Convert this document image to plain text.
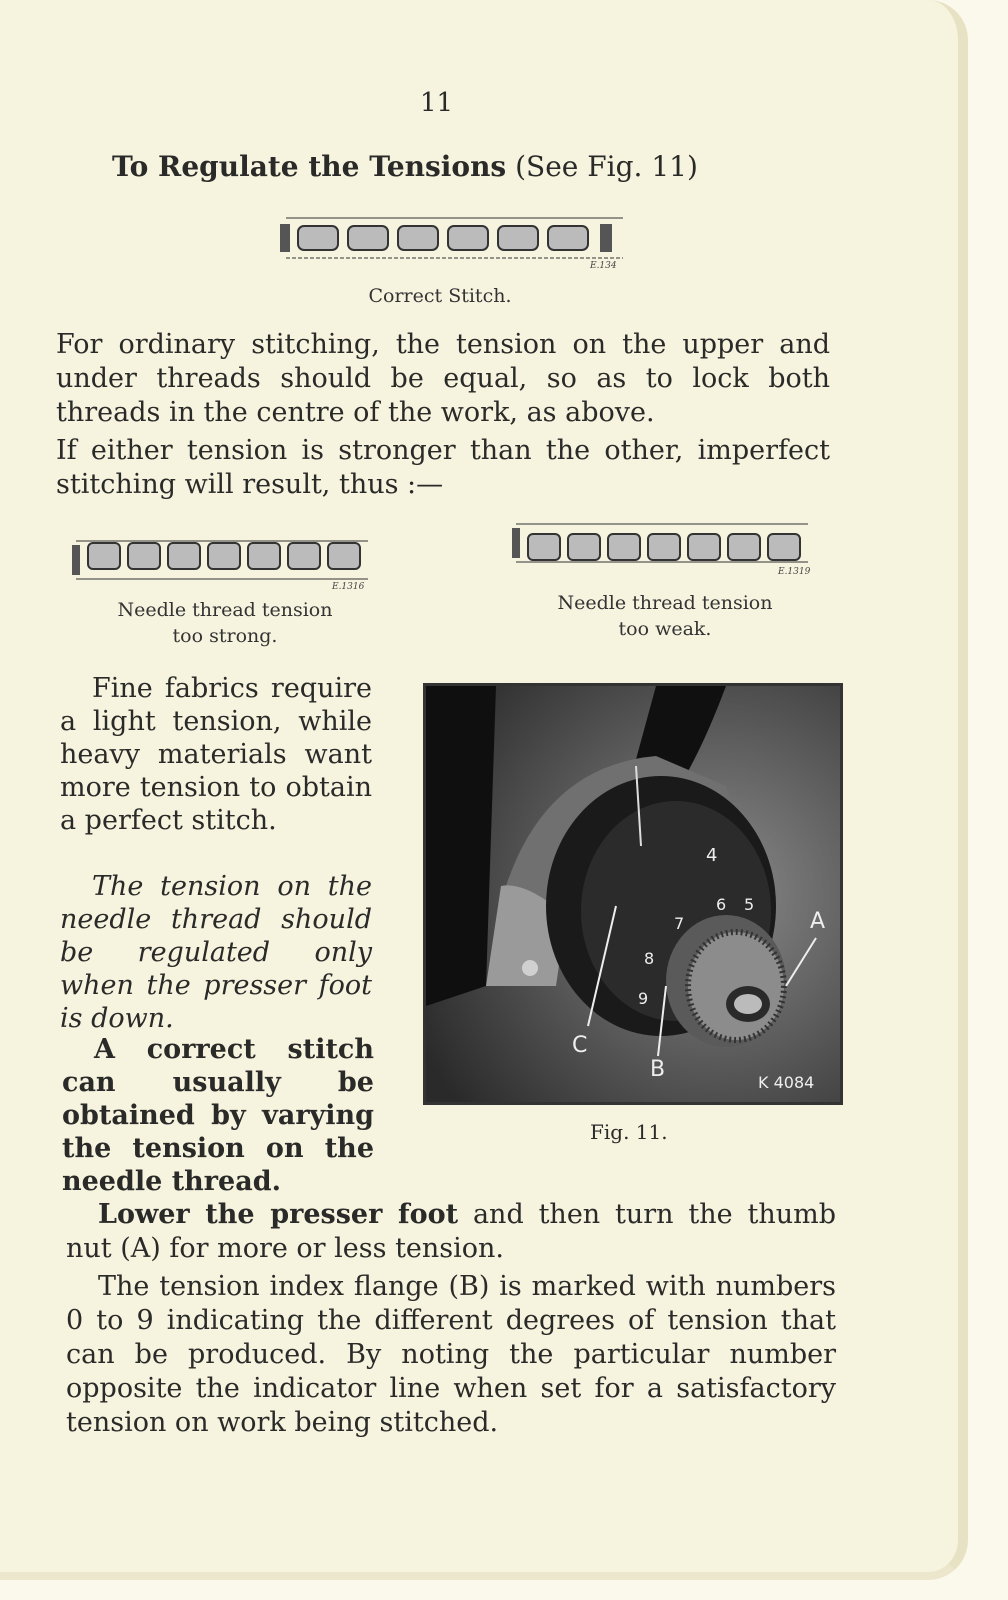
11
To Regulate the Tensions (See Fig. 11)
E.134
Correct Stitch.
For ordinary stitching, the tension on the upper and under threads should be equal, so as to lock both threads in the centre of the work, as above.
If either tension is stronger than the other, imperfect stitching will result, thus :—
E.1316
Needle thread tension
too strong.
E.1319
Needle thread tension
too weak.
Fine fabrics require a light tension, while heavy materials want more tension to obtain a perfect stitch.
The tension on the needle thread should be regulated only when the presser foot is down.
A correct stitch can usually be obtained by varying the tension on the needle thread.
4
5
6
7
8
9
A
B
C
K 4084
Fig. 11.
Lower the presser foot and then turn the thumb nut (A) for more or less tension.
The tension index flange (B) is marked with numbers 0 to 9 indicating the different degrees of tension that can be produced. By noting the particular number opposite the indicator line when set for a satisfactory tension on work being stitched.
